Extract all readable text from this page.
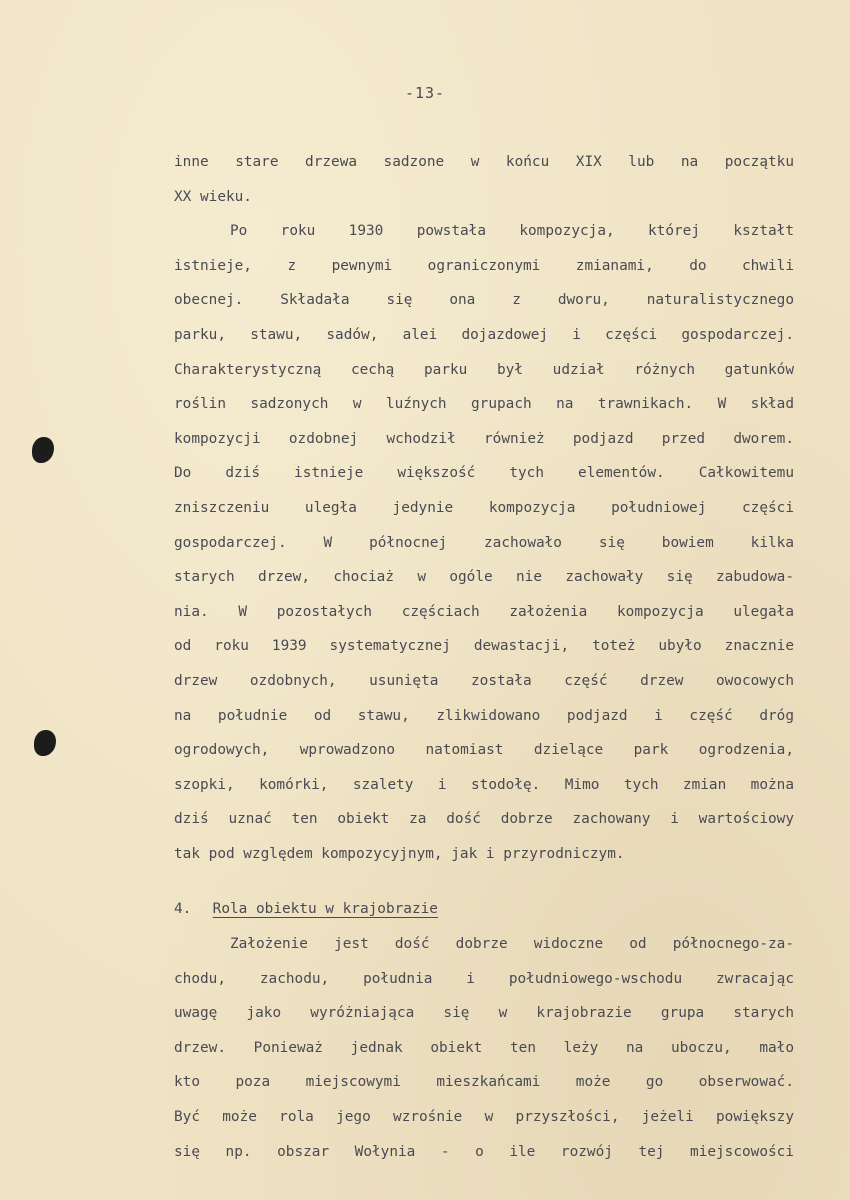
-13-
inne stare drzewa sadzone w końcu XIX lub na początku
XX wieku.
Po roku 1930 powstała kompozycja, której kształt
istnieje, z pewnymi ograniczonymi zmianami, do chwili
obecnej. Składała się ona z dworu, naturalistycznego
parku, stawu, sadów, alei dojazdowej i części gospodarczej.
Charakterystyczną cechą parku był udział różnych gatunków
roślin sadzonych w luźnych grupach na trawnikach. W skład
kompozycji ozdobnej wchodził również podjazd przed dworem.
Do dziś istnieje większość tych elementów. Całkowitemu
zniszczeniu uległa jedynie kompozycja południowej części
gospodarczej. W północnej zachowało się bowiem kilka
starych drzew, chociaż w ogóle nie zachowały się zabudowa-
nia. W pozostałych częściach założenia kompozycja ulegała
od roku 1939 systematycznej dewastacji, toteż ubyło znacznie
drzew ozdobnych, usunięta została część drzew owocowych
na południe od stawu, zlikwidowano podjazd i część dróg
ogrodowych, wprowadzono natomiast dzielące park ogrodzenia,
szopki, komórki, szalety i stodołę. Mimo tych zmian można
dziś uznać ten obiekt za dość dobrze zachowany i wartościowy
tak pod względem kompozycyjnym, jak i przyrodniczym.
4. Rola obiektu w krajobrazie
Założenie jest dość dobrze widoczne od północnego-za-
chodu, zachodu, południa i południowego-wschodu zwracając
uwagę jako wyróżniająca się w krajobrazie grupa starych
drzew. Ponieważ jednak obiekt ten leży na uboczu, mało
kto poza miejscowymi mieszkańcami może go obserwować.
Być może rola jego wzrośnie w przyszłości, jeżeli powiększy
się np. obszar Wołynia - o ile rozwój tej miejscowości
